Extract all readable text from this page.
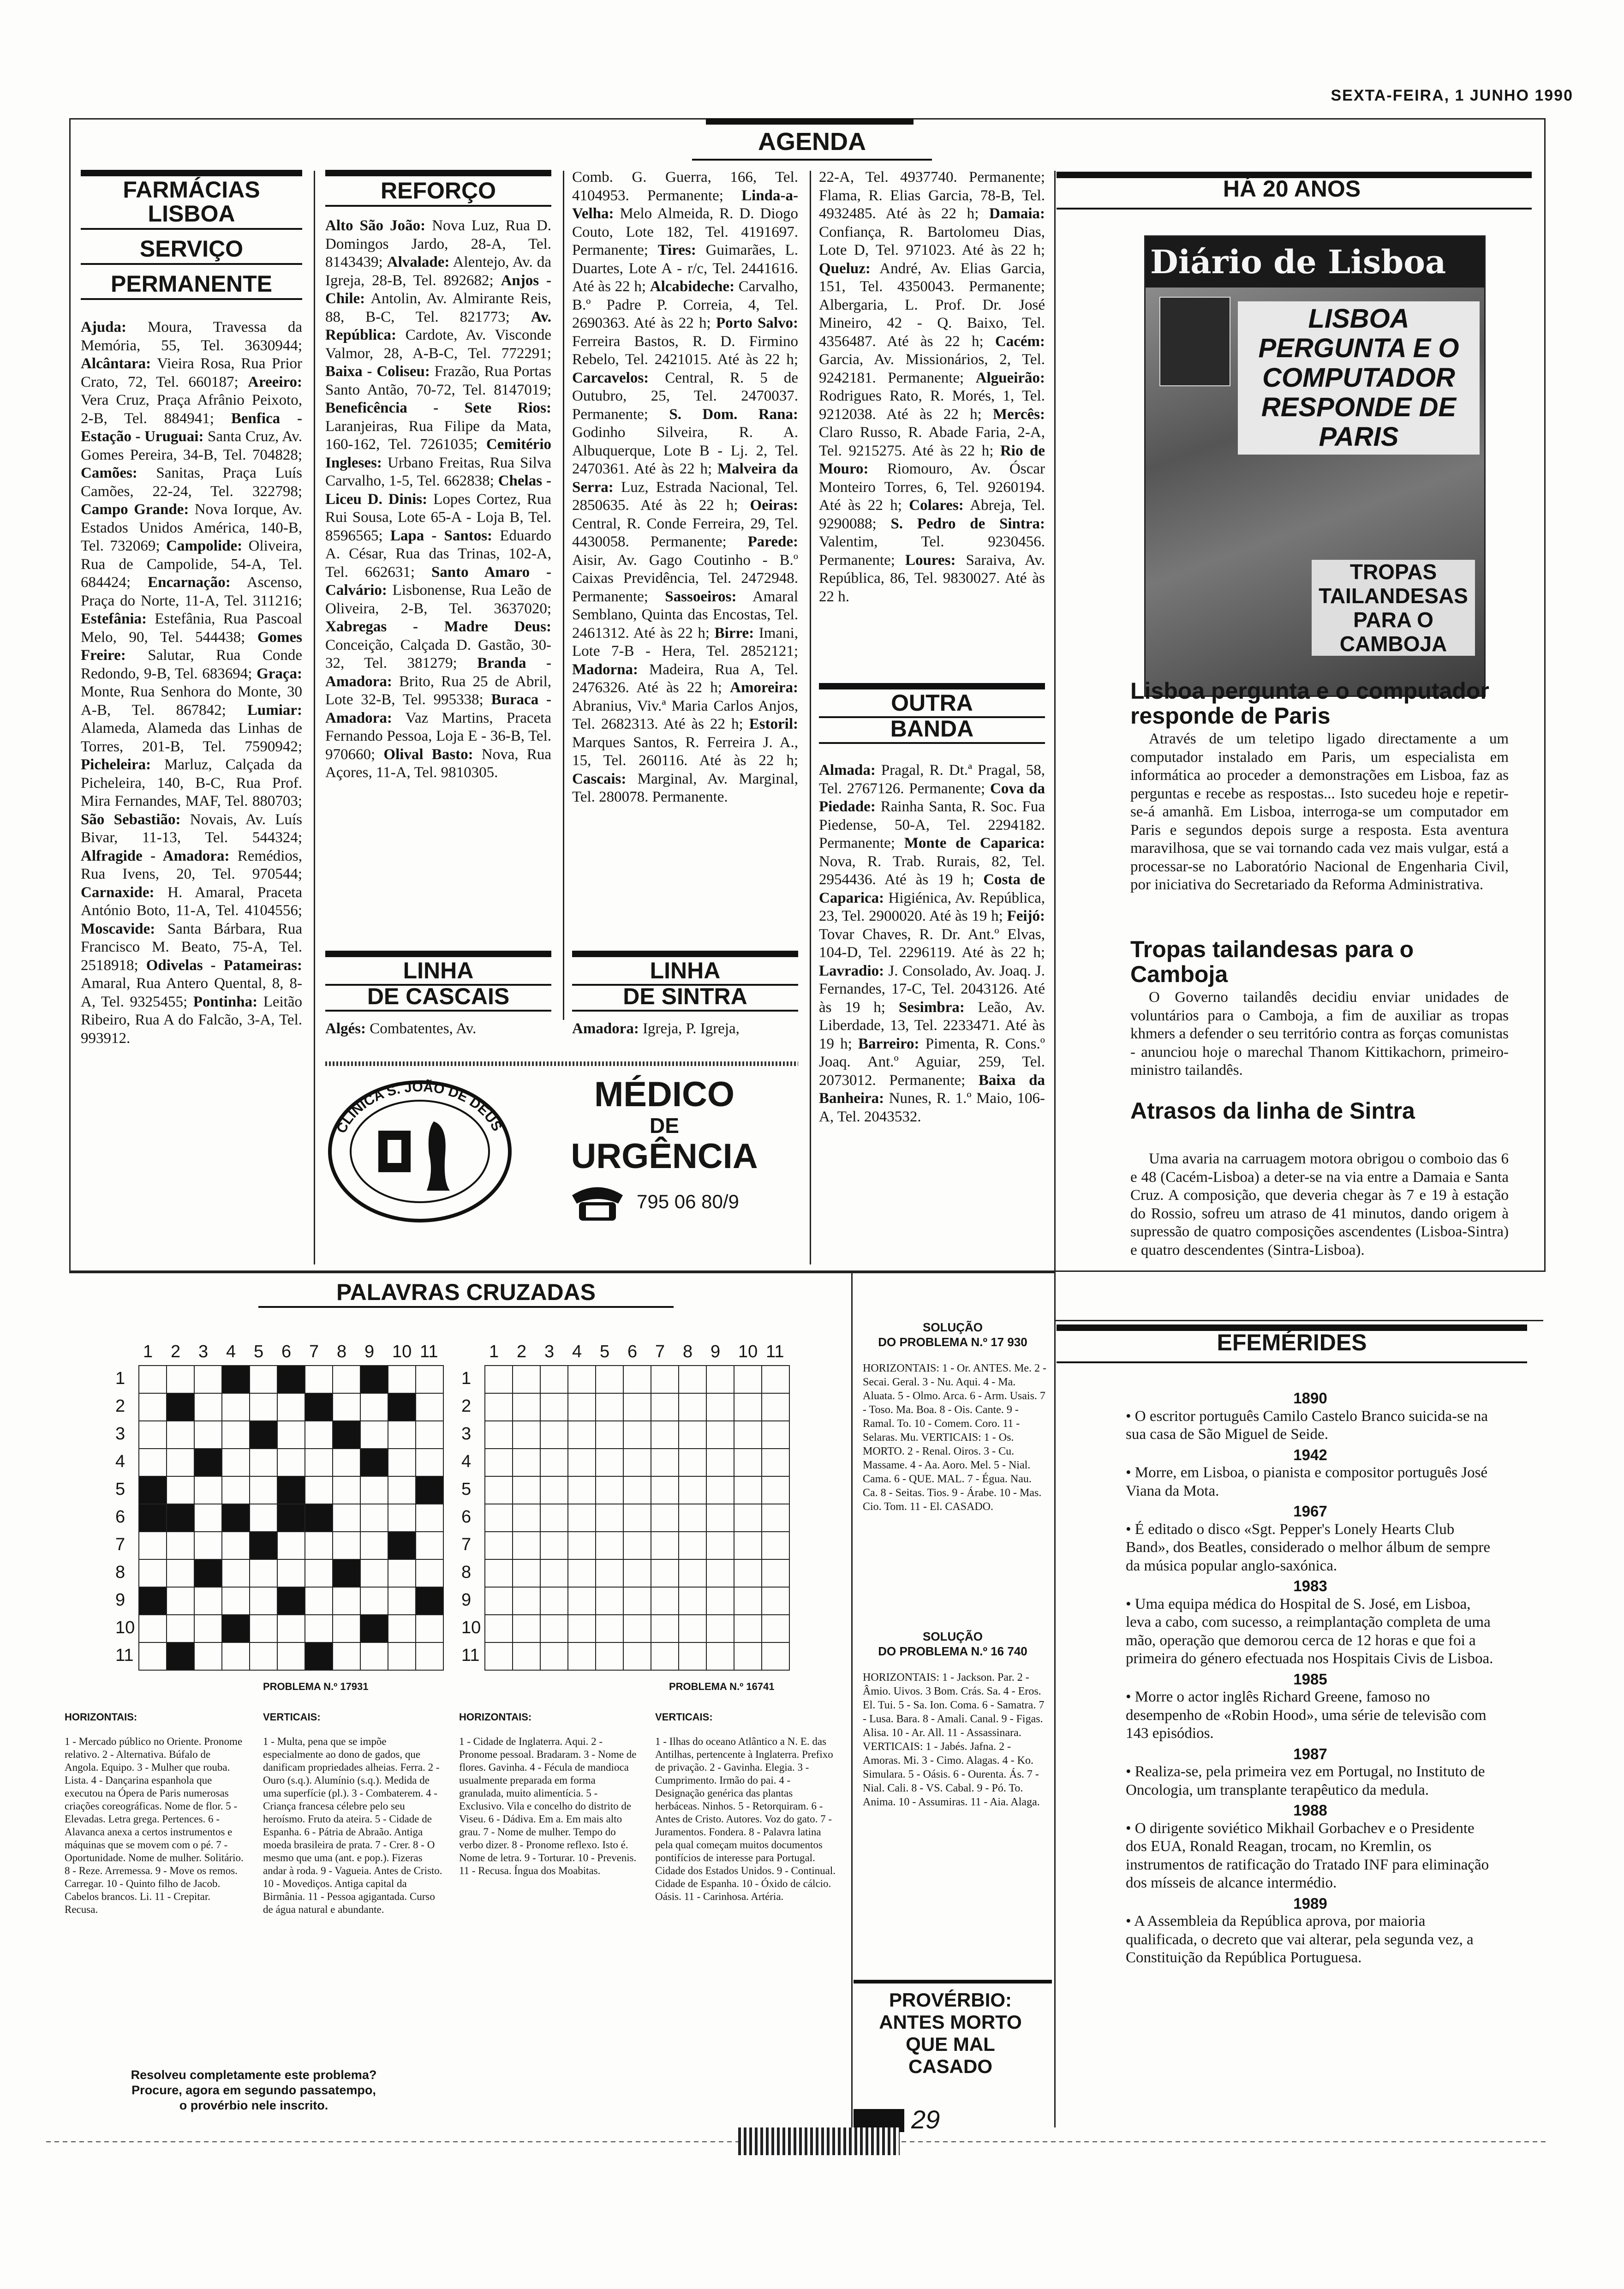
SEXTA-FEIRA, 1 JUNHO 1990
AGENDA
FARMÁCIAS
LISBOA
SERVIÇO
PERMANENTE

Ajuda: Moura, Travessa da Memória, 55, Tel. 3630944; Alcântara: Vieira Rosa, Rua Prior Crato, 72, Tel. 660187; Areeiro: Vera Cruz, Praça Afrânio Peixoto, 2-B, Tel. 884941; Benfica - Estação - Uruguai: Santa Cruz, Av. Gomes Pereira, 34-B, Tel. 704828; Camões: Sanitas, Praça Luís Camões, 22-24, Tel. 322798; Campo Grande: Nova Iorque, Av. Estados Unidos América, 140-B, Tel. 732069; Campolide: Oliveira, Rua de Campolide, 54-A, Tel. 684424; Encarnação: Ascenso, Praça do Norte, 11-A, Tel. 311216; Estefânia: Estefânia, Rua Pascoal Melo, 90, Tel. 544438; Gomes Freire: Salutar, Rua Conde Redondo, 9-B, Tel. 683694; Graça: Monte, Rua Senhora do Monte, 30 A-B, Tel. 867842; Lumiar: Alameda, Alameda das Linhas de Torres, 201-B, Tel. 7590942; Picheleira: Marluz, Calçada da Picheleira, 140, B-C, Rua Prof. Mira Fernandes, MAF, Tel. 880703; São Sebastião: Novais, Av. Luís Bivar, 11-13, Tel. 544324; Alfragide - Amadora: Remédios, Rua Ivens, 20, Tel. 970544; Carnaxide: H. Amaral, Praceta António Boto, 11-A, Tel. 4104556; Moscavide: Santa Bárbara, Rua Francisco M. Beato, 75-A, Tel. 2518918; Odivelas - Patameiras: Amaral, Rua Antero Quental, 8, 8-A, Tel. 9325455; Pontinha: Leitão Ribeiro, Rua A do Falcão, 3-A, Tel. 993912.

REFORÇO

Alto São João: Nova Luz, Rua D. Domingos Jardo, 28-A, Tel. 8143439; Alvalade: Alentejo, Av. da Igreja, 28-B, Tel. 892682; Anjos - Chile: Antolin, Av. Almirante Reis, 88, B-C, Tel. 821773; Av. República: Cardote, Av. Visconde Valmor, 28, A-B-C, Tel. 772291; Baixa - Coliseu: Frazão, Rua Portas Santo Antão, 70-72, Tel. 8147019; Beneficência - Sete Rios: Laranjeiras, Rua Filipe da Mata, 160-162, Tel. 7261035; Cemitério Ingleses: Urbano Freitas, Rua Silva Carvalho, 1-5, Tel. 662838; Chelas - Liceu D. Dinis: Lopes Cortez, Rua Rui Sousa, Lote 65-A - Loja B, Tel. 8596565; Lapa - Santos: Eduardo A. César, Rua das Trinas, 102-A, Tel. 662631; Santo Amaro - Calvário: Lisbonense, Rua Leão de Oliveira, 2-B, Tel. 3637020; Xabregas - Madre Deus: Conceição, Calçada D. Gastão, 30-32, Tel. 381279; Branda - Amadora: Brito, Rua 25 de Abril, Lote 32-B, Tel. 995338; Buraca - Amadora: Vaz Martins, Praceta Fernando Pessoa, Loja E - 36-B, Tel. 970660; Olival Basto: Nova, Rua Açores, 11-A, Tel. 9810305.

LINHA
DE CASCAIS

Algés: Combatentes, Av.

Comb. G. Guerra, 166, Tel. 4104953. Permanente; Linda-a-Velha: Melo Almeida, R. D. Diogo Couto, Lote 182, Tel. 4191697. Permanente; Tires: Guimarães, L. Duartes, Lote A - r/c, Tel. 2441616. Até às 22 h; Alcabideche: Carvalho, B.º Padre P. Correia, 4, Tel. 2690363. Até às 22 h; Porto Salvo: Ferreira Bastos, R. D. Firmino Rebelo, Tel. 2421015. Até às 22 h; Carcavelos: Central, R. 5 de Outubro, 25, Tel. 2470037. Permanente; S. Dom. Rana: Godinho Silveira, R. A. Albuquerque, Lote B - Lj. 2, Tel. 2470361. Até às 22 h; Malveira da Serra: Luz, Estrada Nacional, Tel. 2850635. Até às 22 h; Oeiras: Central, R. Conde Ferreira, 29, Tel. 4430058. Permanente; Parede: Aisir, Av. Gago Coutinho - B.º Caixas Previdência, Tel. 2472948. Permanente; Sassoeiros: Amaral Semblano, Quinta das Encostas, Tel. 2461312. Até às 22 h; Birre: Imani, Lote 7-B - Hera, Tel. 2852121; Madorna: Madeira, Rua A, Tel. 2476326. Até às 22 h; Amoreira: Abranius, Viv.ª Maria Carlos Anjos, Tel. 2682313. Até às 22 h; Estoril: Marques Santos, R. Ferreira J. A., 15, Tel. 260116. Até às 22 h; Cascais: Marginal, Av. Marginal, Tel. 280078. Permanente.

LINHA
DE SINTRA

Amadora: Igreja, P. Igreja,

22-A, Tel. 4937740. Permanente; Flama, R. Elias Garcia, 78-B, Tel. 4932485. Até às 22 h; Damaia: Confiança, R. Bartolomeu Dias, Lote D, Tel. 971023. Até às 22 h; Queluz: André, Av. Elias Garcia, 151, Tel. 4350043. Permanente; Albergaria, L. Prof. Dr. José Mineiro, 42 - Q. Baixo, Tel. 4356487. Até às 22 h; Cacém: Garcia, Av. Missionários, 2, Tel. 9242181. Permanente; Algueirão: Rodrigues Rato, R. Morés, 1, Tel. 9212038. Até às 22 h; Mercês: Claro Russo, R. Abade Faria, 2-A, Tel. 9215275. Até às 22 h; Rio de Mouro: Riomouro, Av. Óscar Monteiro Torres, 6, Tel. 9260194. Até às 22 h; Colares: Abreja, Tel. 9290088; S. Pedro de Sintra: Valentim, Tel. 9230456. Permanente; Loures: Saraiva, Av. República, 86, Tel. 9830027. Até às 22 h.

OUTRA
BANDA

Almada: Pragal, R. Dt.ª Pragal, 58, Tel. 2767126. Permanente; Cova da Piedade: Rainha Santa, R. Soc. Fua Piedense, 50-A, Tel. 2294182. Permanente; Monte de Caparica: Nova, R. Trab. Rurais, 82, Tel. 2954436. Até às 19 h; Costa de Caparica: Higiénica, Av. República, 23, Tel. 2900020. Até às 19 h; Feijó: Tovar Chaves, R. Dr. Ant.º Elvas, 104-D, Tel. 2296119. Até às 22 h; Lavradio: J. Consolado, Av. Joaq. J. Fernandes, 17-C, Tel. 2043126. Até às 19 h; Sesimbra: Leão, Av. Liberdade, 13, Tel. 2233471. Até às 19 h; Barreiro: Pimenta, R. Cons.º Joaq. Ant.º Aguiar, 259, Tel. 2073012. Permanente; Baixa da Banheira: Nunes, R. 1.º Maio, 106-A, Tel. 2043532.

CLÍNICA S. JOÃO DE DEUS
MÉDICO
DE
URGÊNCIA
795 06 80/9
HÁ 20 ANOS
Diário de Lisboa
LISBOA PERGUNTA E O COMPUTADOR RESPONDE DE PARIS
TROPAS TAILANDESAS PARA O CAMBOJA
Lisboa pergunta e o computador responde de Paris

Através de um teletipo ligado directamente a um computador instalado em Paris, um especialista em informática ao proceder a demonstrações em Lisboa, faz as perguntas e recebe as respostas... Isto sucedeu hoje e repetir-se-á amanhã. Em Lisboa, interroga-se um computador em Paris e segundos depois surge a resposta. Esta aventura maravilhosa, que se vai tornando cada vez mais vulgar, está a processar-se no Laboratório Nacional de Engenharia Civil, por iniciativa do Secretariado da Reforma Administrativa.

Tropas tailandesas para o Camboja

O Governo tailandês decidiu enviar unidades de voluntários para o Camboja, a fim de auxiliar as tropas khmers a defender o seu território contra as forças comunistas - anunciou hoje o marechal Thanom Kittikachorn, primeiro-ministro tailandês.

Atrasos da linha de Sintra

Uma avaria na carruagem motora obrigou o comboio das 6 e 48 (Cacém-Lisboa) a deter-se na via entre a Damaia e Santa Cruz. A composição, que deveria chegar às 7 e 19 à estação do Rossio, sofreu um atraso de 41 minutos, dando origem à supressão de quatro composições ascendentes (Lisboa-Sintra) e quatro descendentes (Sintra-Lisboa).

EFEMÉRIDES
1890

• O escritor português Camilo Castelo Branco suicida-se na sua casa de São Miguel de Seide.

1942

• Morre, em Lisboa, o pianista e compositor português José Viana da Mota.

1967

• É editado o disco «Sgt. Pepper's Lonely Hearts Club Band», dos Beatles, considerado o melhor álbum de sempre da música popular anglo-saxónica.

1983

• Uma equipa médica do Hospital de S. José, em Lisboa, leva a cabo, com sucesso, a reimplantação completa de uma mão, operação que demorou cerca de 12 horas e que foi a primeira do género efectuada nos Hospitais Civis de Lisboa.

1985

• Morre o actor inglês Richard Greene, famoso no desempenho de «Robin Hood», uma série de televisão com 143 episódios.

1987

• Realiza-se, pela primeira vez em Portugal, no Instituto de Oncologia, um transplante terapêutico da medula.

1988

• O dirigente soviético Mikhail Gorbachev e o Presidente dos EUA, Ronald Reagan, trocam, no Kremlin, os instrumentos de ratificação do Tratado INF para eliminação dos mísseis de alcance intermédio.

1989

• A Assembleia da República aprova, por maioria qualificada, o decreto que vai alterar, pela segunda vez, a Constituição da República Portuguesa.

PALAVRAS CRUZADAS
1
1
2
2
3
3
4
4
5
5
6
6
7
7
8
8
9
9
10
10
11
11
1
1
2
2
3
3
4
4
5
5
6
6
7
7
8
8
9
9
10
10
11
11

PROBLEMA N.º 17931	PROBLEMA N.º 16741
HORIZONTAIS:

1 - Mercado público no Oriente. Pronome relativo. 2 - Alternativa. Búfalo de Angola. Equipo. 3 - Mulher que rouba. Lista. 4 - Dançarina espanhola que executou na Ópera de Paris numerosas criações coreográficas. Nome de flor. 5 - Elevadas. Letra grega. Pertences. 6 - Alavanca anexa a certos instrumentos e máquinas que se movem com o pé. 7 - Oportunidade. Nome de mulher. Solitário. 8 - Reze. Arremessa. 9 - Move os remos. Carregar. 10 - Quinto filho de Jacob. Cabelos brancos. Li. 11 - Crepitar. Recusa.

VERTICAIS:

1 - Multa, pena que se impõe especialmente ao dono de gados, que danificam propriedades alheias. Ferra. 2 - Ouro (s.q.). Alumínio (s.q.). Medida de uma superfície (pl.). 3 - Combaterem. 4 - Criança francesa célebre pelo seu heroísmo. Fruto da ateira. 5 - Cidade de Espanha. 6 - Pátria de Abraão. Antiga moeda brasileira de prata. 7 - Crer. 8 - O mesmo que uma (ant. e pop.). Fizeras andar à roda. 9 - Vagueia. Antes de Cristo. 10 - Movediços. Antiga capital da Birmânia. 11 - Pessoa agigantada. Curso de água natural e abundante.

HORIZONTAIS:

1 - Cidade de Inglaterra. Aqui. 2 - Pronome pessoal. Bradaram. 3 - Nome de flores. Gavinha. 4 - Fécula de mandioca usualmente preparada em forma granulada, muito alimentícia. 5 - Exclusivo. Vila e concelho do distrito de Viseu. 6 - Dádiva. Em a. Em mais alto grau. 7 - Nome de mulher. Tempo do verbo dizer. 8 - Pronome reflexo. Isto é. Nome de letra. 9 - Torturar. 10 - Prevenis. 11 - Recusa. Íngua dos Moabitas.

VERTICAIS:

1 - Ilhas do oceano Atlântico a N. E. das Antilhas, pertencente à Inglaterra. Prefixo de privação. 2 - Gavinha. Elegia. 3 - Cumprimento. Irmão do pai. 4 - Designação genérica das plantas herbáceas. Ninhos. 5 - Retorquiram. 6 - Antes de Cristo. Autores. Voz do gato. 7 - Juramentos. Fondera. 8 - Palavra latina pela qual começam muitos documentos pontifícios de interesse para Portugal. Cidade dos Estados Unidos. 9 - Continual. Cidade de Espanha. 10 - Óxido de cálcio. Oásis. 11 - Carinhosa. Artéria.

Resolveu completamente este problema?
Procure, agora em segundo passatempo,
o provérbio nele inscrito.
SOLUÇÃO
DO PROBLEMA N.º 17 930

HORIZONTAIS: 1 - Or. ANTES. Me. 2 - Secai. Geral. 3 - Nu. Aqui. 4 - Ma. Aluata. 5 - Olmo. Arca. 6 - Arm. Usais. 7 - Toso. Ma. Boa. 8 - Ois. Cante. 9 - Ramal. To. 10 - Comem. Coro. 11 - Selaras. Mu. VERTICAIS: 1 - Os. MORTO. 2 - Renal. Oiros. 3 - Cu. Massame. 4 - Aa. Aoro. Mel. 5 - Nial. Cama. 6 - QUE. MAL. 7 - Égua. Nau. Ca. 8 - Seitas. Tios. 9 - Árabe. 10 - Mas. Cio. Tom. 11 - El. CASADO.

SOLUÇÃO
DO PROBLEMA N.º 16 740

HORIZONTAIS: 1 - Jackson. Par. 2 - Âmio. Uivos. 3 Bom. Crás. Sa. 4 - Eros. El. Tui. 5 - Sa. Ion. Coma. 6 - Samatra. 7 - Lusa. Bara. 8 - Amali. Canal. 9 - Figas. Alisa. 10 - Ar. All. 11 - Assassinara. VERTICAIS: 1 - Jabés. Jafna. 2 - Amoras. Mi. 3 - Cimo. Alagas. 4 - Ko. Simulara. 5 - Oásis. 6 - Ourenta. Ás. 7 - Nial. Cali. 8 - VS. Cabal. 9 - Pó. To. Anima. 10 - Assumiras. 11 - Aia. Alaga.

PROVÉRBIO:
ANTES MORTO
QUE MAL
CASADO
29
